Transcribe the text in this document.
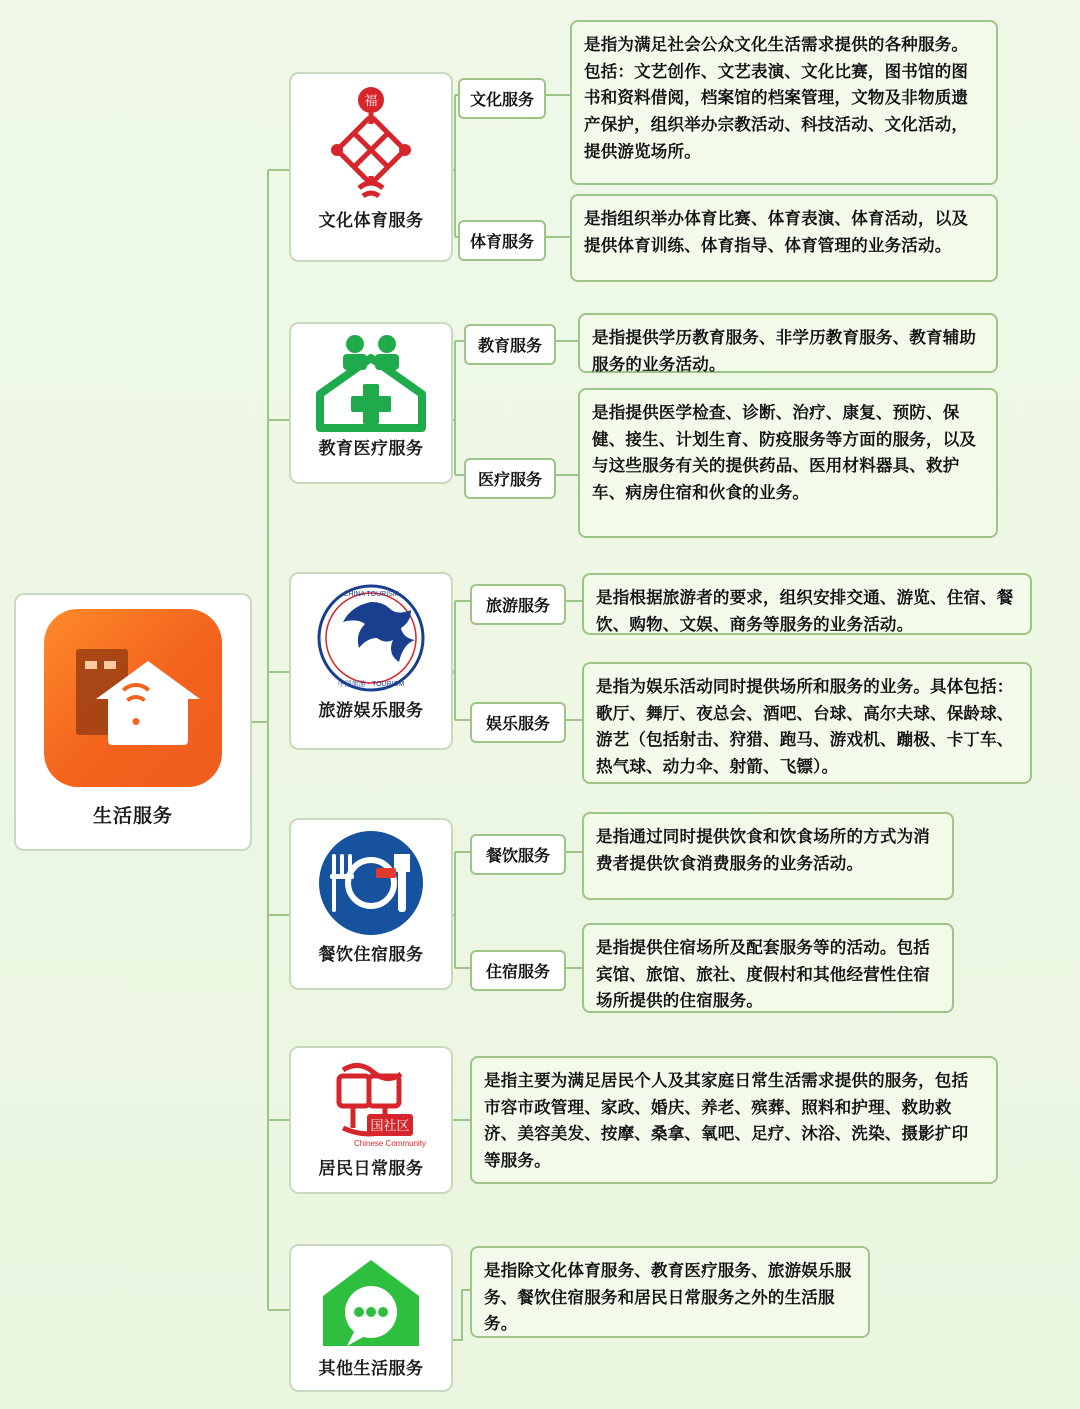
生活服务
福
文化体育服务
文化服务
是指为满足社会公众文化生活需求提供的各种服务。包括：文艺创作、文艺表演、文化比赛，图书馆的图书和资料借阅，档案馆的档案管理，文物及非物质遗产保护，组织举办宗教活动、科技活动、文化活动，提供游览场所。
体育服务
是指组织举办体育比赛、体育表演、体育活动，以及提供体育训练、体育指导、体育管理的业务活动。
教育医疗服务
教育服务	是指提供学历教育服务、非学历教育服务、教育辅助服务的业务活动。
医疗服务
是指提供医学检查、诊断、治疗、康复、预防、保健、接生、计划生育、防疫服务等方面的服务，以及与这些服务有关的提供药品、医用材料器具、救护车、病房住宿和伙食的业务。
CHINA TOURISM
中国旅游 · TOURISM
旅游娱乐服务
旅游服务	是指根据旅游者的要求，组织安排交通、游览、住宿、餐饮、购物、文娱、商务等服务的业务活动。
娱乐服务
是指为娱乐活动同时提供场所和服务的业务。具体包括：歌厅、舞厅、夜总会、酒吧、台球、高尔夫球、保龄球、游艺（包括射击、狩猎、跑马、游戏机、蹦极、卡丁车、热气球、动力伞、射箭、飞镖）。
餐饮住宿服务
餐饮服务
是指通过同时提供饮食和饮食场所的方式为消费者提供饮食消费服务的业务活动。
住宿服务
是指提供住宿场所及配套服务等的活动。包括宾馆、旅馆、旅社、度假村和其他经营性住宿场所提供的住宿服务。
国社区
Chinese Community
居民日常服务
是指主要为满足居民个人及其家庭日常生活需求提供的服务，包括市容市政管理、家政、婚庆、养老、殡葬、照料和护理、救助救济、美容美发、按摩、桑拿、氧吧、足疗、沐浴、洗染、摄影扩印等服务。
其他生活服务
是指除文化体育服务、教育医疗服务、旅游娱乐服务、餐饮住宿服务和居民日常服务之外的生活服务。
